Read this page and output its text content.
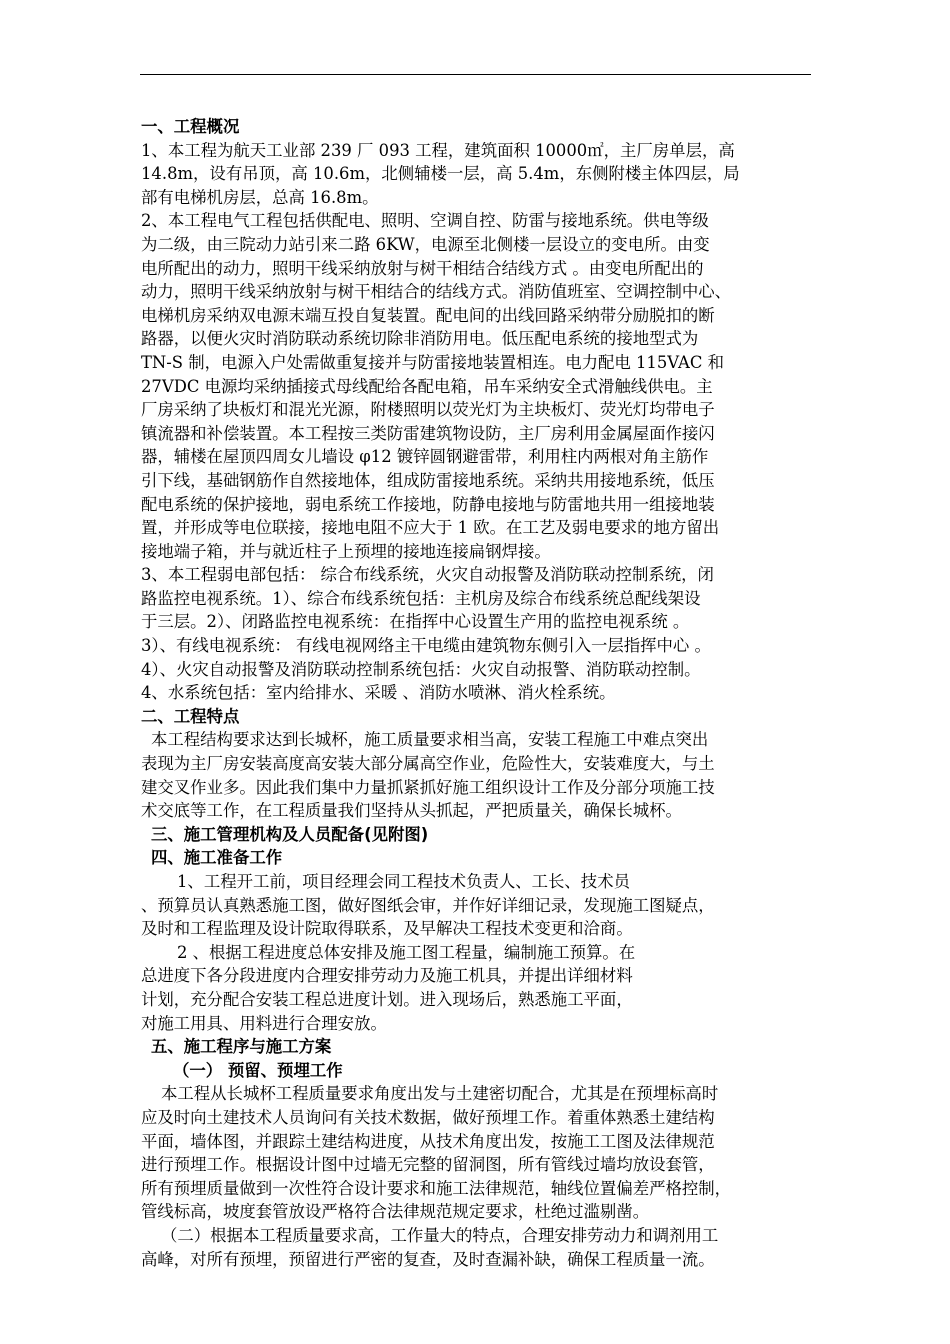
一、工程概况
1、本工程为航天工业部 239 厂 093 工程，建筑面积 10000㎡，主厂房单层，高
14.8m，设有吊顶，高 10.6m，北侧辅楼一层，高 5.4m，东侧附楼主体四层，局
部有电梯机房层，总高 16.8m。
2、本工程电气工程包括供配电、照明、空调自控、防雷与接地系统。供电等级
为二级，由三院动力站引来二路 6KW，电源至北侧楼一层设立的变电所。由变
电所配出的动力，照明干线采纳放射与树干相结合结线方式 。由变电所配出的
动力，照明干线采纳放射与树干相结合的结线方式。消防值班室、空调控制中心、
电梯机房采纳双电源末端互投自复装置。配电间的出线回路采纳带分励脱扣的断
路器，以便火灾时消防联动系统切除非消防用电。低压配电系统的接地型式为
TN-S 制，电源入户处需做重复接并与防雷接地装置相连。电力配电 115VAC 和
27VDC 电源均采纳插接式母线配给各配电箱，吊车采纳安全式滑触线供电。主
厂房采纳了块板灯和混光光源，附楼照明以荧光灯为主块板灯、荧光灯均带电子
镇流器和补偿装置。本工程按三类防雷建筑物设防，主厂房利用金属屋面作接闪
器，辅楼在屋顶四周女儿墙设 φ12 镀锌圆钢避雷带，利用柱内两根对角主筋作
引下线，基础钢筋作自然接地体，组成防雷接地系统。采纳共用接地系统，低压
配电系统的保护接地，弱电系统工作接地，防静电接地与防雷地共用一组接地装
置，并形成等电位联接，接地电阻不应大于 1 欧。在工艺及弱电要求的地方留出
接地端子箱，并与就近柱子上预埋的接地连接扁钢焊接。
3、本工程弱电部包括： 综合布线系统，火灾自动报警及消防联动控制系统，闭
路监控电视系统。1）、综合布线系统包括：主机房及综合布线系统总配线架设
于三层。2）、闭路监控电视系统：在指挥中心设置生产用的监控电视系统 。
3）、有线电视系统： 有线电视网络主干电缆由建筑物东侧引入一层指挥中心 。
4）、火灾自动报警及消防联动控制系统包括：火灾自动报警、消防联动控制。
4、水系统包括：室内给排水、采暖 、消防水喷淋、消火栓系统。
二、工程特点
本工程结构要求达到长城杯，施工质量要求相当高，安装工程施工中难点突出
表现为主厂房安装高度高安装大部分属高空作业，危险性大，安装难度大，与土
建交叉作业多。因此我们集中力量抓紧抓好施工组织设计工作及分部分项施工技
术交底等工作，在工程质量我们坚持从头抓起，严把质量关，确保长城杯。
三、施工管理机构及人员配备(见附图)
四、施工准备工作
1、工程开工前，项目经理会同工程技术负责人、工长、技术员
、预算员认真熟悉施工图，做好图纸会审，并作好详细记录，发现施工图疑点，
及时和工程监理及设计院取得联系，及早解决工程技术变更和洽商。
2 、根据工程进度总体安排及施工图工程量，编制施工预算。在
总进度下各分段进度内合理安排劳动力及施工机具，并提出详细材料
计划，充分配合安装工程总进度计划。进入现场后，熟悉施工平面，
对施工用具、用料进行合理安放。
五、施工程序与施工方案
（一） 预留、预埋工作
本工程从长城杯工程质量要求角度出发与土建密切配合，尤其是在预埋标高时
应及时向土建技术人员询问有关技术数据，做好预埋工作。着重体熟悉土建结构
平面，墙体图，并跟踪土建结构进度，从技术角度出发，按施工工图及法律规范
进行预埋工作。根据设计图中过墙无完整的留洞图，所有管线过墙均放设套管，
所有预埋质量做到一次性符合设计要求和施工法律规范，轴线位置偏差严格控制，
管线标高，坡度套管放设严格符合法律规范规定要求，杜绝过滥剔凿。
（二）根据本工程质量要求高，工作量大的特点，合理安排劳动力和调剂用工
高峰，对所有预埋，预留进行严密的复查，及时查漏补缺，确保工程质量一流。
